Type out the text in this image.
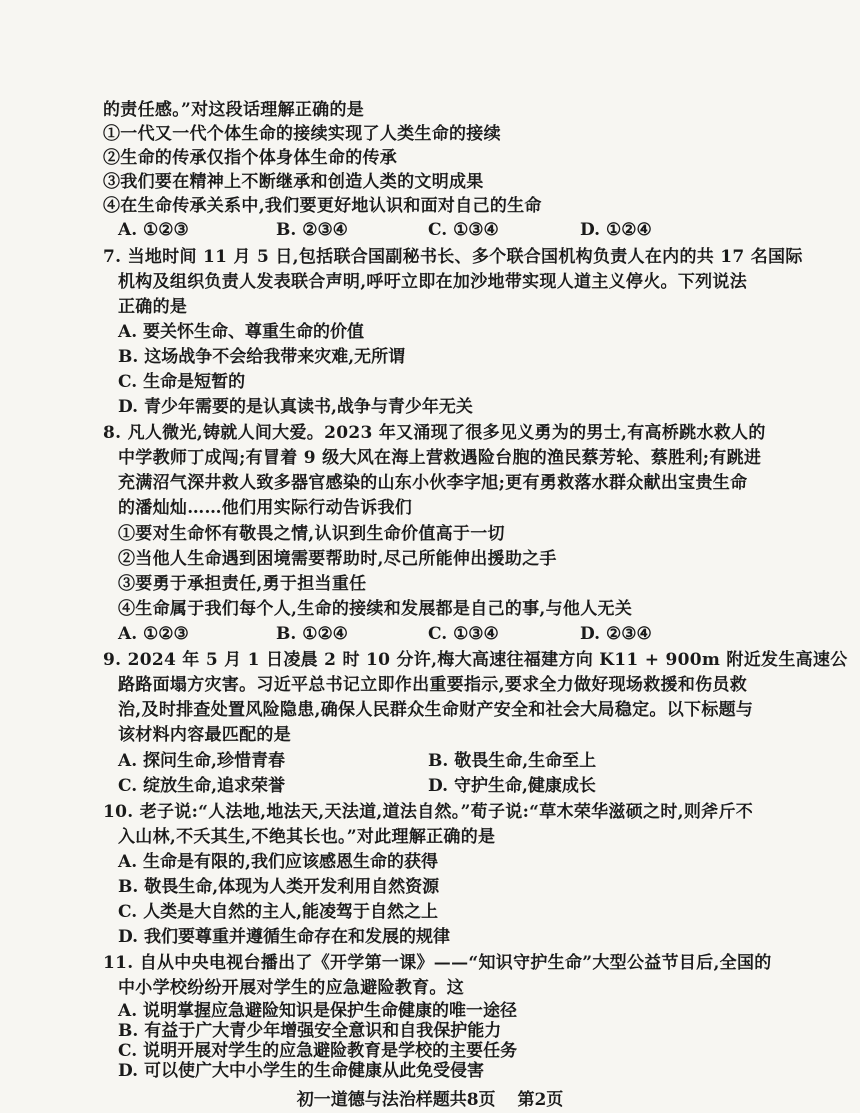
的责任感。”对这段话理解正确的是
①一代又一代个体生命的接续实现了人类生命的接续
②生命的传承仅指个体身体生命的传承
③我们要在精神上不断继承和创造人类的文明成果
④在生命传承关系中,我们要更好地认识和面对自己的生命
A. ①②③	B. ②③④	C. ①③④	D. ①②④
7. 当地时间 11 月 5 日,包括联合国副秘书长、多个联合国机构负责人在内的共 17 名国际
机构及组织负责人发表联合声明,呼吁立即在加沙地带实现人道主义停火。下列说法
正确的是
A. 要关怀生命、尊重生命的价值
B. 这场战争不会给我带来灾难,无所谓
C. 生命是短暂的
D. 青少年需要的是认真读书,战争与青少年无关
8. 凡人微光,铸就人间大爱。2023 年又涌现了很多见义勇为的男士,有高桥跳水救人的
中学教师丁成闯;有冒着 9 级大风在海上营救遇险台胞的渔民蔡芳轮、蔡胜利;有跳进
充满沼气深井救人致多器官感染的山东小伙李字旭;更有勇救落水群众献出宝贵生命
的潘灿灿……他们用实际行动告诉我们
①要对生命怀有敬畏之情,认识到生命价值高于一切
②当他人生命遇到困境需要帮助时,尽己所能伸出援助之手
③要勇于承担责任,勇于担当重任
④生命属于我们每个人,生命的接续和发展都是自己的事,与他人无关
A. ①②③	B. ①②④	C. ①③④	D. ②③④
9. 2024 年 5 月 1 日凌晨 2 时 10 分许,梅大高速往福建方向 K11 + 900m 附近发生高速公
路路面塌方灾害。习近平总书记立即作出重要指示,要求全力做好现场救援和伤员救
治,及时排查处置风险隐患,确保人民群众生命财产安全和社会大局稳定。以下标题与
该材料内容最匹配的是
A. 探问生命,珍惜青春	B. 敬畏生命,生命至上
C. 绽放生命,追求荣誉	D. 守护生命,健康成长
10. 老子说:“人法地,地法天,天法道,道法自然。”荀子说:“草木荣华滋硕之时,则斧斤不
入山林,不夭其生,不绝其长也。”对此理解正确的是
A. 生命是有限的,我们应该感恩生命的获得
B. 敬畏生命,体现为人类开发利用自然资源
C. 人类是大自然的主人,能凌驾于自然之上
D. 我们要尊重并遵循生命存在和发展的规律
11. 自从中央电视台播出了《开学第一课》——“知识守护生命”大型公益节目后,全国的
中小学校纷纷开展对学生的应急避险教育。这
A. 说明掌握应急避险知识是保护生命健康的唯一途径
初一道德与法治样题共8页 第2页
B. 有益于广大青少年增强安全意识和自我保护能力
C. 说明开展对学生的应急避险教育是学校的主要任务
D. 可以使广大中小学生的生命健康从此免受侵害
